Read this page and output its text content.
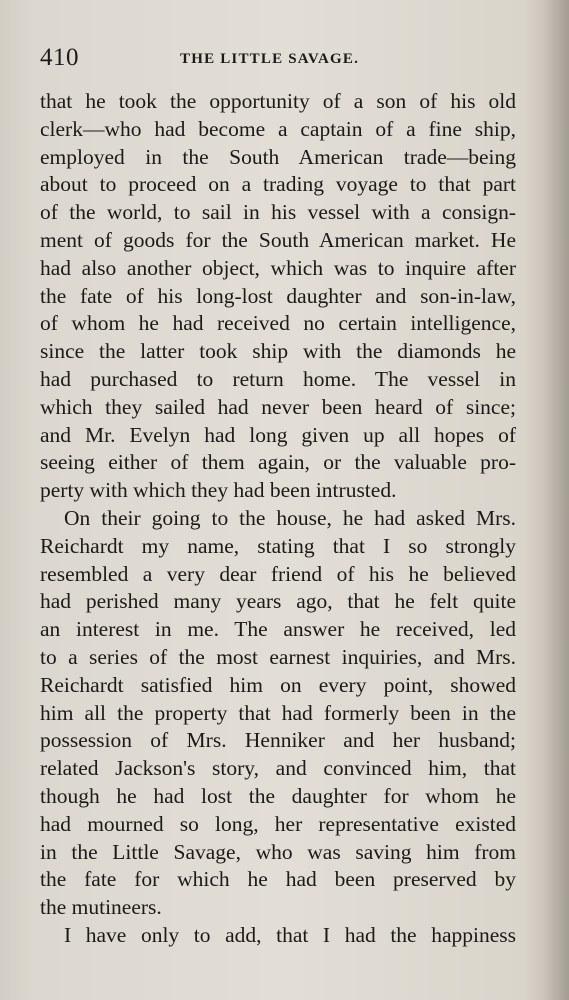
410	THE LITTLE SAVAGE.
that he took the opportunity of a son of his old
clerk—who had become a captain of a fine ship,
employed in the South American trade—being
about to proceed on a trading voyage to that part
of the world, to sail in his vessel with a consign-
ment of goods for the South American market. He
had also another object, which was to inquire after
the fate of his long-lost daughter and son-in-law,
of whom he had received no certain intelligence,
since the latter took ship with the diamonds he
had purchased to return home. The vessel in
which they sailed had never been heard of since;
and Mr. Evelyn had long given up all hopes of
seeing either of them again, or the valuable pro-
perty with which they had been intrusted.
On their going to the house, he had asked Mrs.
Reichardt my name, stating that I so strongly
resembled a very dear friend of his he believed
had perished many years ago, that he felt quite
an interest in me. The answer he received, led
to a series of the most earnest inquiries, and Mrs.
Reichardt satisfied him on every point, showed
him all the property that had formerly been in the
possession of Mrs. Henniker and her husband;
related Jackson's story, and convinced him, that
though he had lost the daughter for whom he
had mourned so long, her representative existed
in the Little Savage, who was saving him from
the fate for which he had been preserved by
the mutineers.
I have only to add, that I had the happiness
